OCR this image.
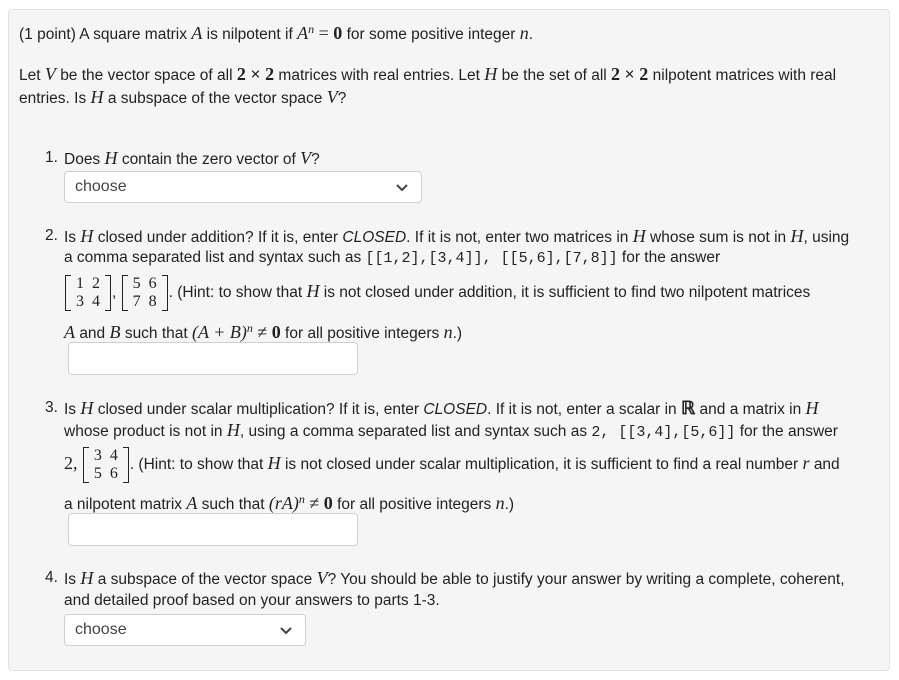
(1 point) A square matrix A is nilpotent if $A^n = 0$ for some positive integer n.
Let V be the vector space of all 2 × 2 matrices with real entries. Let H be the set of all 2 × 2 nilpotent matrices with real
entries. Is H a subspace of the vector space V?
1. Does H contain the zero vector of V?
choose
2. Is H closed under addition? If it is, enter CLOSED. If it is not, enter two matrices in H whose sum is not in H, using
a comma separated list and syntax such as [[1,2],[3,4]], [[5,6],[7,8]] for the answer
1	2
3	4
,
5	6
7	8
. (Hint: to show that H is not closed under addition, it is sufficient to find two nilpotent matrices
A and B such that $(A + B)^n \ne 0$ for all positive integers n.)
3. Is H closed under scalar multiplication? If it is, enter CLOSED. If it is not, enter a scalar in ℝ and a matrix in H
whose product is not in H, using a comma separated list and syntax such as 2, [[3,4],[5,6]] for the answer
2, 3	4
5	6
. (Hint: to show that H is not closed under scalar multiplication, it is sufficient to find a real number r and
a nilpotent matrix A such that (rA)$^n$ ≠ 0 for all positive integers n.)
4. Is H a subspace of the vector space V? You should be able to justify your answer by writing a complete, coherent,
and detailed proof based on your answers to parts 1-3.
choose
